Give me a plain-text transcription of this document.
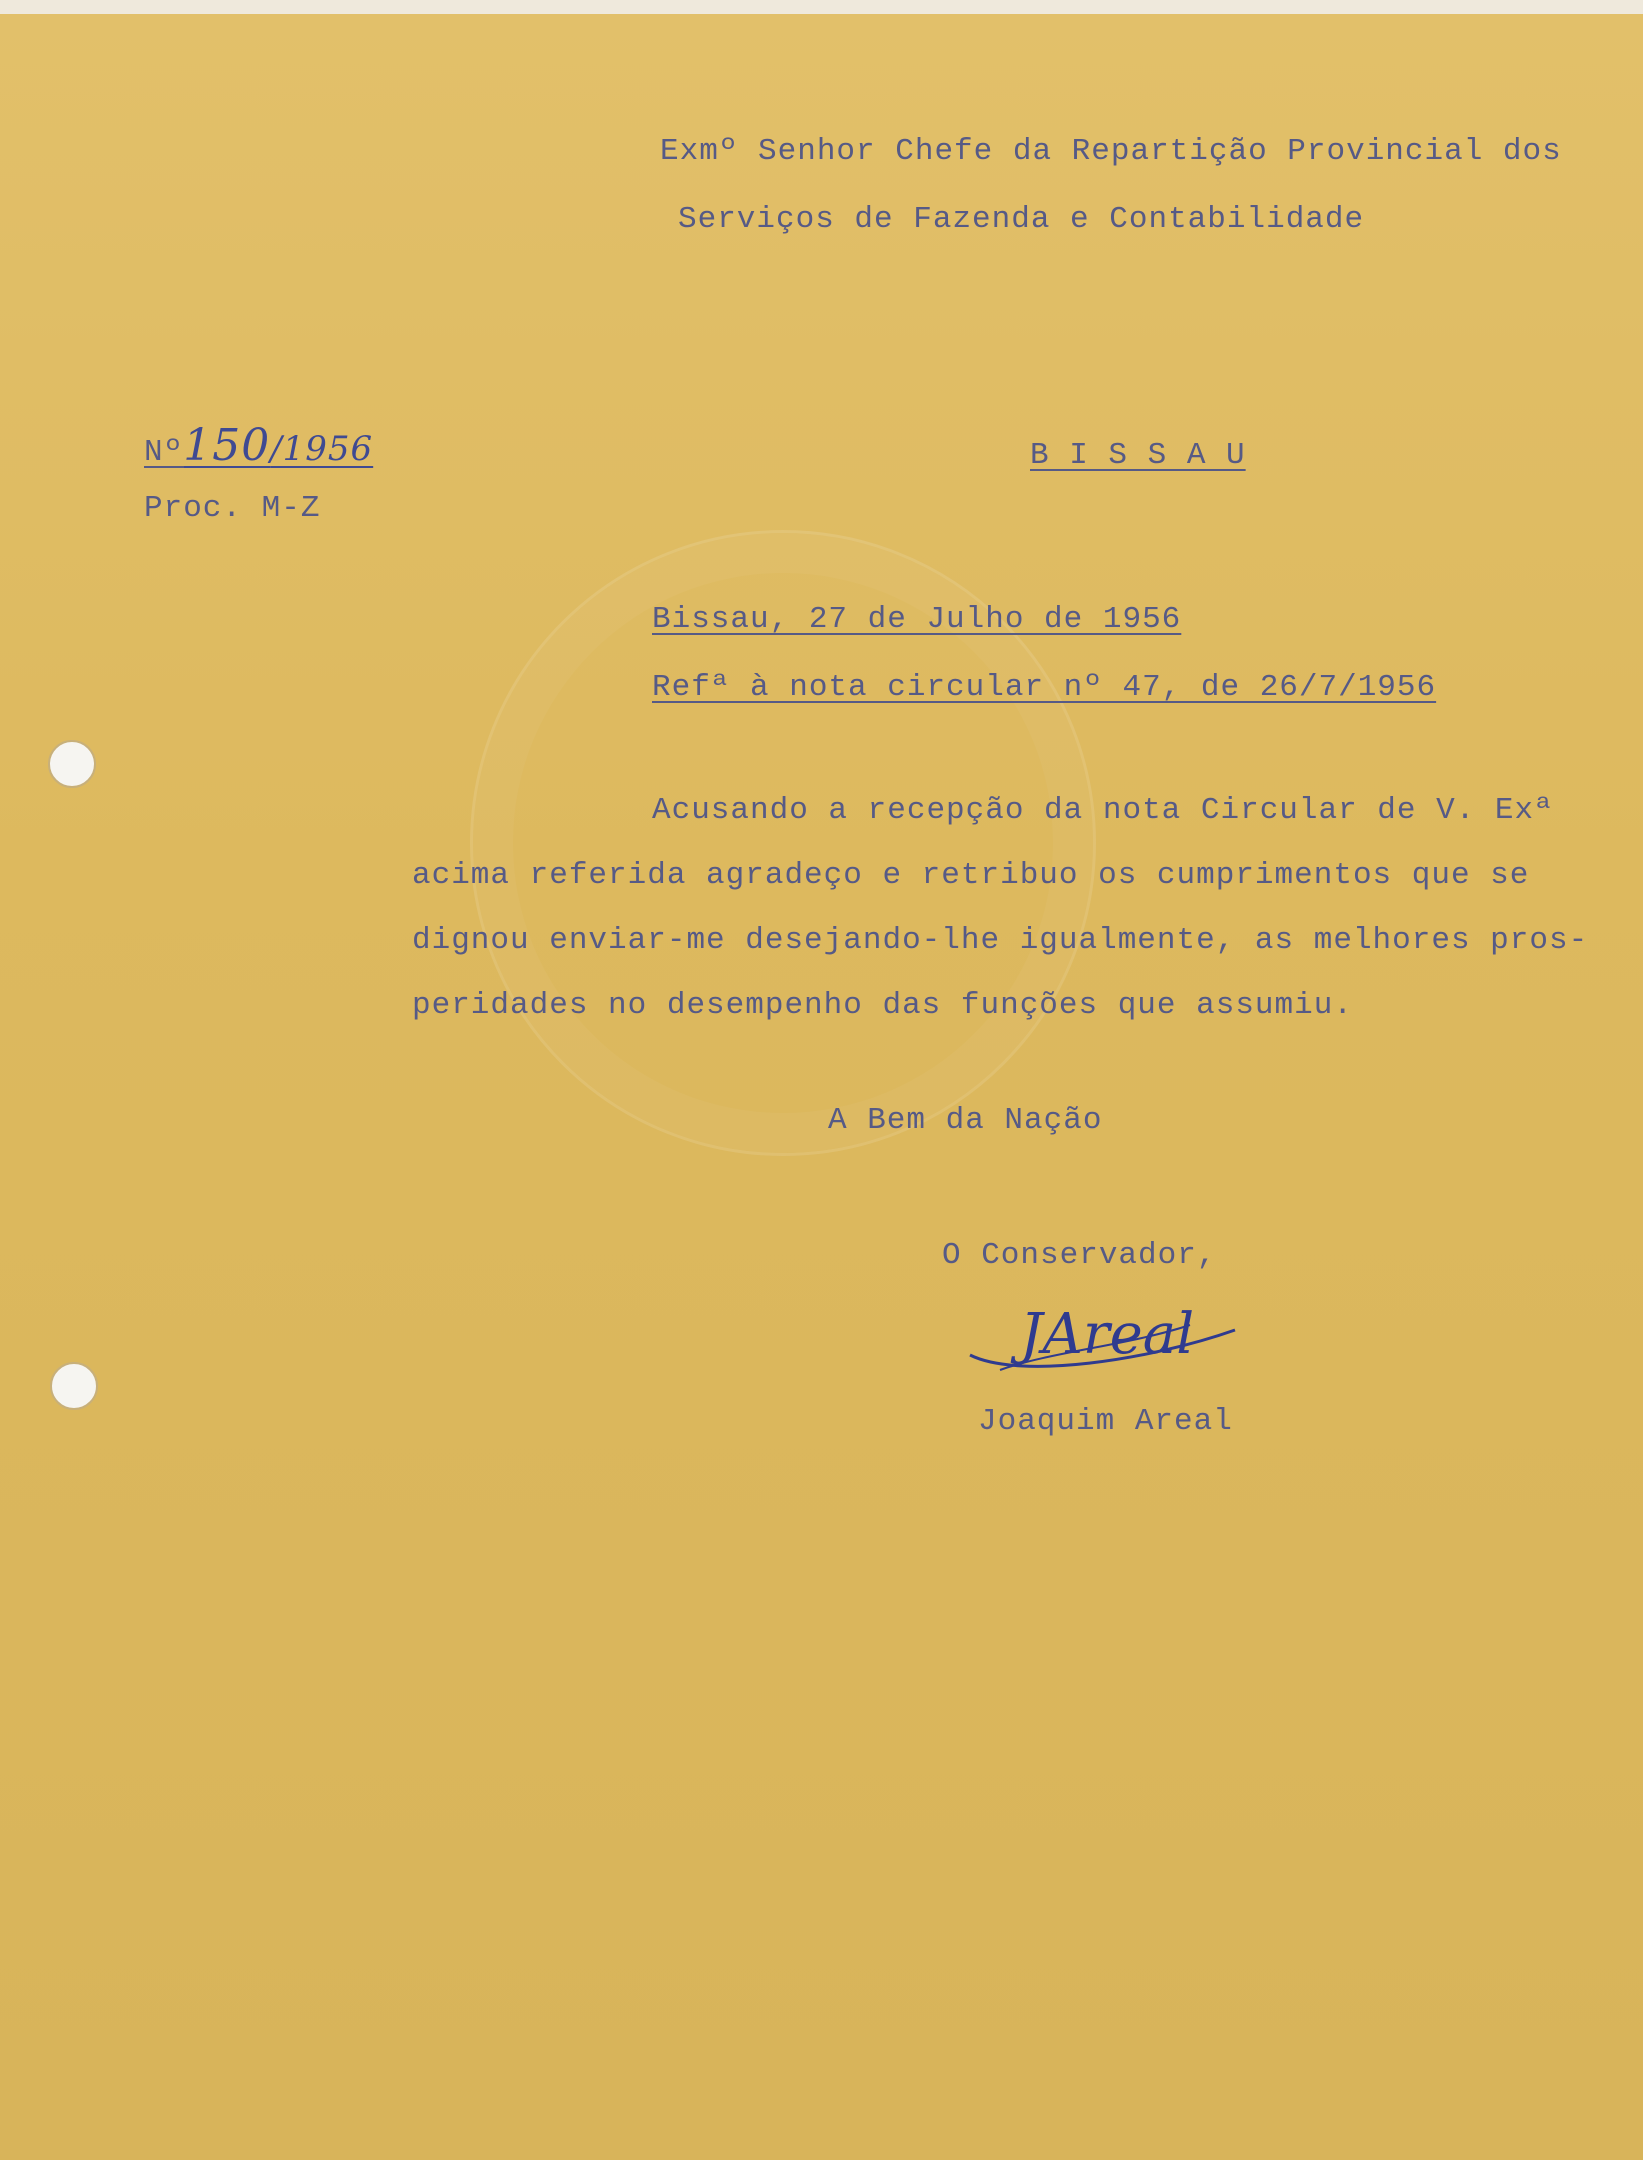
Exmº Senhor Chefe da Repartição Provincial dos
Serviços de Fazenda e Contabilidade
Nº150/1956
Proc. M-Z
B I S S A U
Bissau, 27 de Julho de 1956
Refª à nota circular nº 47, de 26/7/1956
Acusando a recepção da nota Circular de V. Exª
acima referida agradeço e retribuo os cumprimentos que se
dignou enviar-me desejando-lhe igualmente, as melhores pros-
peridades no desempenho das funções que assumiu.
A Bem da Nação
O Conservador,
JAreal
Joaquim Areal
